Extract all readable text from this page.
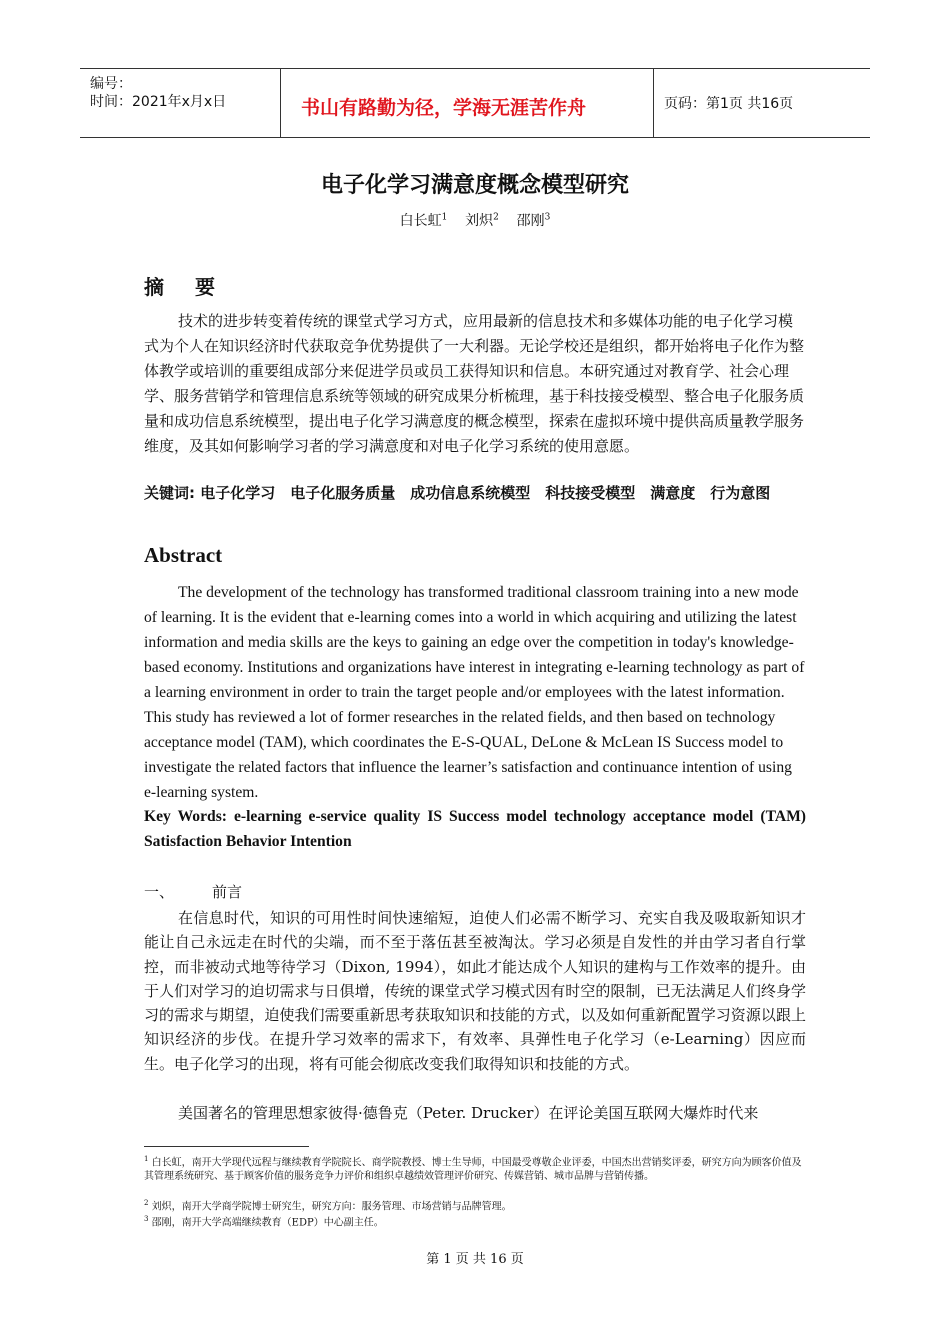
编号：
时间：2021年x月x日	书山有路勤为径，学海无涯苦作舟	页码：第1页 共16页
电子化学习满意度概念模型研究
白长虹$^1$ 刘炽$^2$ 邵刚$^3$
摘 要
技术的进步转变着传统的课堂式学习方式，应用最新的信息技术和多媒体功能的电子化学习模式为个人在知识经济时代获取竞争优势提供了一大利器。无论学校还是组织，都开始将电子化作为整体教学或培训的重要组成部分来促进学员或员工获得知识和信息。本研究通过对教育学、社会心理学、服务营销学和管理信息系统等领域的研究成果分析梳理，基于科技接受模型、整合电子化服务质量和成功信息系统模型，提出电子化学习满意度的概念模型，探索在虚拟环境中提供高质量教学服务维度，及其如何影响学习者的学习满意度和对电子化学习系统的使用意愿。
关键词: 电子化学习　电子化服务质量　成功信息系统模型　科技接受模型　满意度　行为意图
Abstract
The development of the technology has transformed traditional classroom training into a new mode of learning. It is the evident that e-learning comes into a world in which acquiring and utilizing the latest information and media skills are the keys to gaining an edge over the competition in today's knowledge-based economy. Institutions and organizations have interest in integrating e-learning technology as part of a learning environment in order to train the target people and/or employees with the latest information. This study has reviewed a lot of former researches in the related fields, and then based on technology acceptance model (TAM), which coordinates the E-S-QUAL, DeLone & McLean IS Success model to investigate the related factors that influence the learner’s satisfaction and continuance intention of using e-learning system.
Key Words: e-learning e-service quality IS Success model technology acceptance model (TAM) Satisfaction Behavior Intention
一、	前言
在信息时代，知识的可用性时间快速缩短，迫使人们必需不断学习、充实自我及吸取新知识才能让自己永远走在时代的尖端，而不至于落伍甚至被淘汰。学习必须是自发性的并由学习者自行掌控，而非被动式地等待学习（Dixon, 1994），如此才能达成个人知识的建构与工作效率的提升。由于人们对学习的迫切需求与日俱增，传统的课堂式学习模式因有时空的限制，已无法满足人们终身学习的需求与期望，迫使我们需要重新思考获取知识和技能的方式，以及如何重新配置学习资源以跟上知识经济的步伐。在提升学习效率的需求下，有效率、具弹性电子化学习（e-Learning）因应而生。电子化学习的出现，将有可能会彻底改变我们取得知识和技能的方式。
美国著名的管理思想家彼得·德鲁克（Peter. Drucker）在评论美国互联网大爆炸时代来
$^1$ 白长虹，南开大学现代远程与继续教育学院院长、商学院教授、博士生导师，中国最受尊敬企业评委，中国杰出营销奖评委，研究方向为顾客价值及其管理系统研究、基于顾客价值的服务竞争力评价和组织卓越绩效管理评价研究、传媒营销、城市品牌与营销传播。
$^2$ 刘炽，南开大学商学院博士研究生，研究方向：服务管理、市场营销与品牌管理。
$^3$ 邵刚，南开大学高端继续教育（EDP）中心副主任。
第 1 页 共 16 页
